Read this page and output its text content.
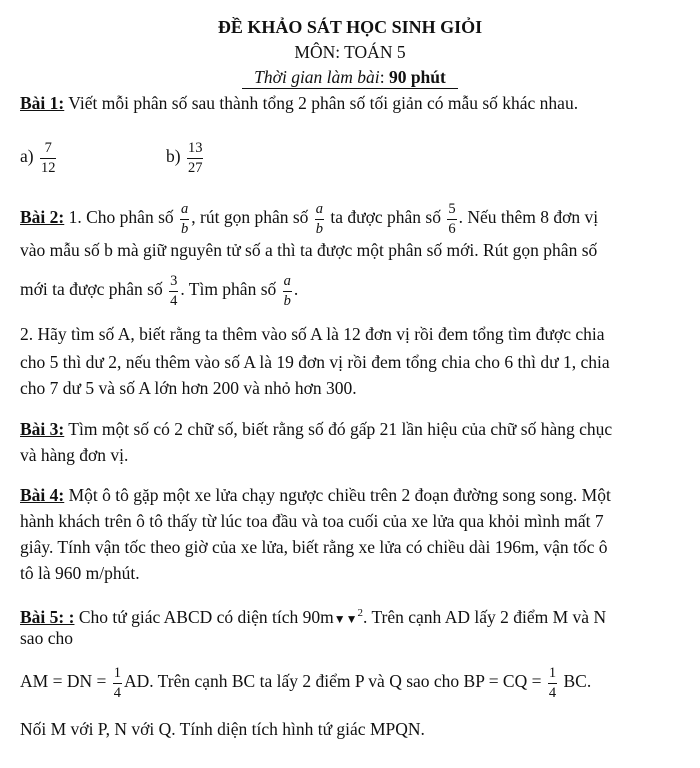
ĐỀ KHẢO SÁT HỌC SINH GIỎI
MÔN: TOÁN 5
Thời gian làm bài: 90 phút
Bài 1: Viết mỗi phân số sau thành tổng 2 phân số tối giản có mẫu số khác nhau.
$a) \frac{7}{12}$	$b) \frac{13}{27}$
Bài 2: 1. Cho phân số $\frac{a}{b}$ , rút gọn phân số $\frac{a}{b}$ ta được phân số $\frac{5}{6}$ . Nếu thêm 8 đơn vị
vào mẫu số b mà giữ nguyên tử số a thì ta được một phân số mới. Rút gọn phân số
mới ta được phân số $\frac{3}{4}$ . Tìm phân số $\frac{a}{b}$ .
2. Hãy tìm số A, biết rằng ta thêm vào số A là 12 đơn vị rồi đem tổng tìm được chia
cho 5 thì dư 2, nếu thêm vào số A là 19 đơn vị rồi đem tổng chia cho 6 thì dư 1, chia
cho 7 dư 5 và số A lớn hơn 200 và nhỏ hơn 300.
Bài 3: Tìm một số có 2 chữ số, biết rằng số đó gấp 21 lần hiệu của chữ số hàng chục
và hàng đơn vị.
Bài 4: Một ô tô gặp một xe lửa chạy ngược chiều trên 2 đoạn đường song song. Một
hành khách trên ô tô thấy từ lúc toa đầu và toa cuối của xe lửa qua khỏi mình mất 7
giây. Tính vận tốc theo giờ của xe lửa, biết rằng xe lửa có chiều dài 196m, vận tốc ô
tô là 960 m/phút.
Bài 5: : Cho tứ giác ABCD có diện tích 90m▼▼$^2$. Trên cạnh AD lấy 2 điểm M và N
sao cho
AM = DN = $\frac{1}{4}$ AD. Trên cạnh BC ta lấy 2 điểm P và Q sao cho BP = CQ = $\frac{1}{4}$ BC.
Nối M với P, N với Q. Tính diện tích hình tứ giác MPQN.
